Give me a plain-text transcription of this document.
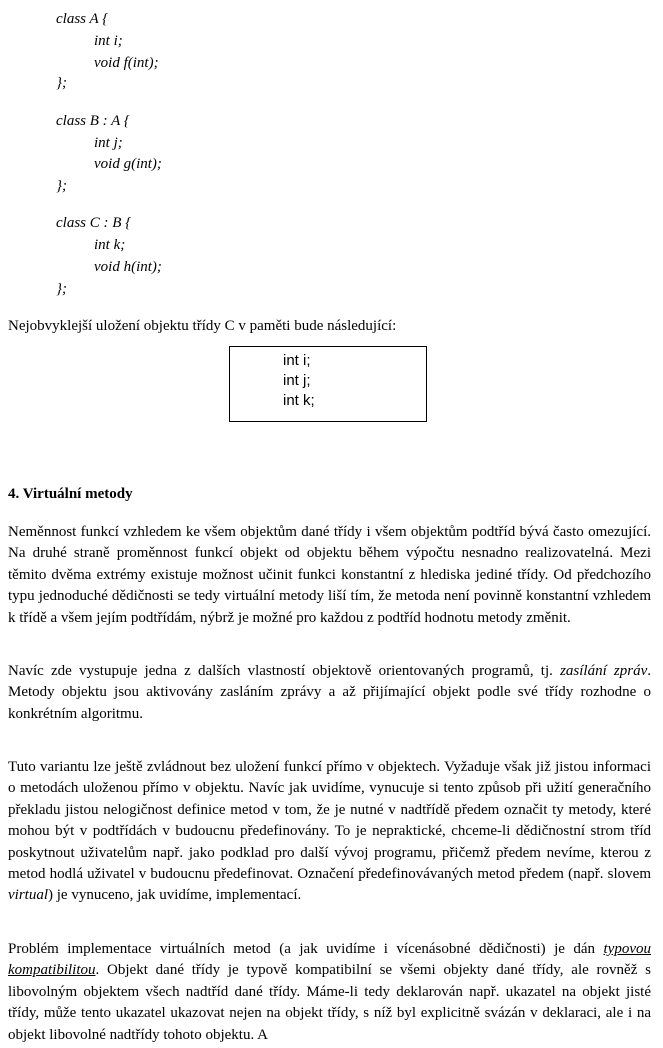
class A {
int i;
void f(int);
};
class B : A {
int j;
void g(int);
};
class C : B {
int k;
void h(int);
};
Nejobvyklejší uložení objektu třídy C v paměti bude následující:
int i;
int j;
int k;
4. Virtuální metody
Neměnnost funkcí vzhledem ke všem objektům dané třídy i všem objektům podtříd bývá často omezující. Na druhé straně proměnnost funkcí objekt od objektu během výpočtu nesnadno realizovatelná. Mezi těmito dvěma extrémy existuje možnost učinit funkci konstantní z hlediska jediné třídy. Od předchozího typu jednoduché dědičnosti se tedy virtuální metody liší tím, že metoda není povinně konstantní vzhledem k třídě a všem jejím podtřídám, nýbrž je možné pro každou z podtříd hodnotu metody změnit.
Navíc zde vystupuje jedna z dalších vlastností objektově orientovaných programů, tj. zasílání zpráv. Metody objektu jsou aktivovány zasláním zprávy a až přijímající objekt podle své třídy rozhodne o konkrétním algoritmu.
Tuto variantu lze ještě zvládnout bez uložení funkcí přímo v objektech. Vyžaduje však již jistou informaci o metodách uloženou přímo v objektu. Navíc jak uvidíme, vynucuje si tento způsob při užití generačního překladu jistou nelogičnost definice metod v tom, že je nutné v nadtřídě předem označit ty metody, které mohou být v podtřídách v budoucnu předefinovány. To je nepraktické, chceme-li dědičnostní strom tříd poskytnout uživatelům např. jako podklad pro další vývoj programu, přičemž předem nevíme, kterou z metod hodlá uživatel v budoucnu předefinovat. Označení předefinovávaných metod předem (např. slovem virtual) je vynuceno, jak uvidíme, implementací.
Problém implementace virtuálních metod (a jak uvidíme i vícenásobné dědičnosti) je dán typovou kompatibilitou. Objekt dané třídy je typově kompatibilní se všemi objekty dané třídy, ale rovněž s libovolným objektem všech nadtříd dané třídy. Máme-li tedy deklarován např. ukazatel na objekt jisté třídy, může tento ukazatel ukazovat nejen na objekt třídy, s níž byl explicitně svázán v deklaraci, ale i na objekt libovolné nadtřídy tohoto objektu. A
